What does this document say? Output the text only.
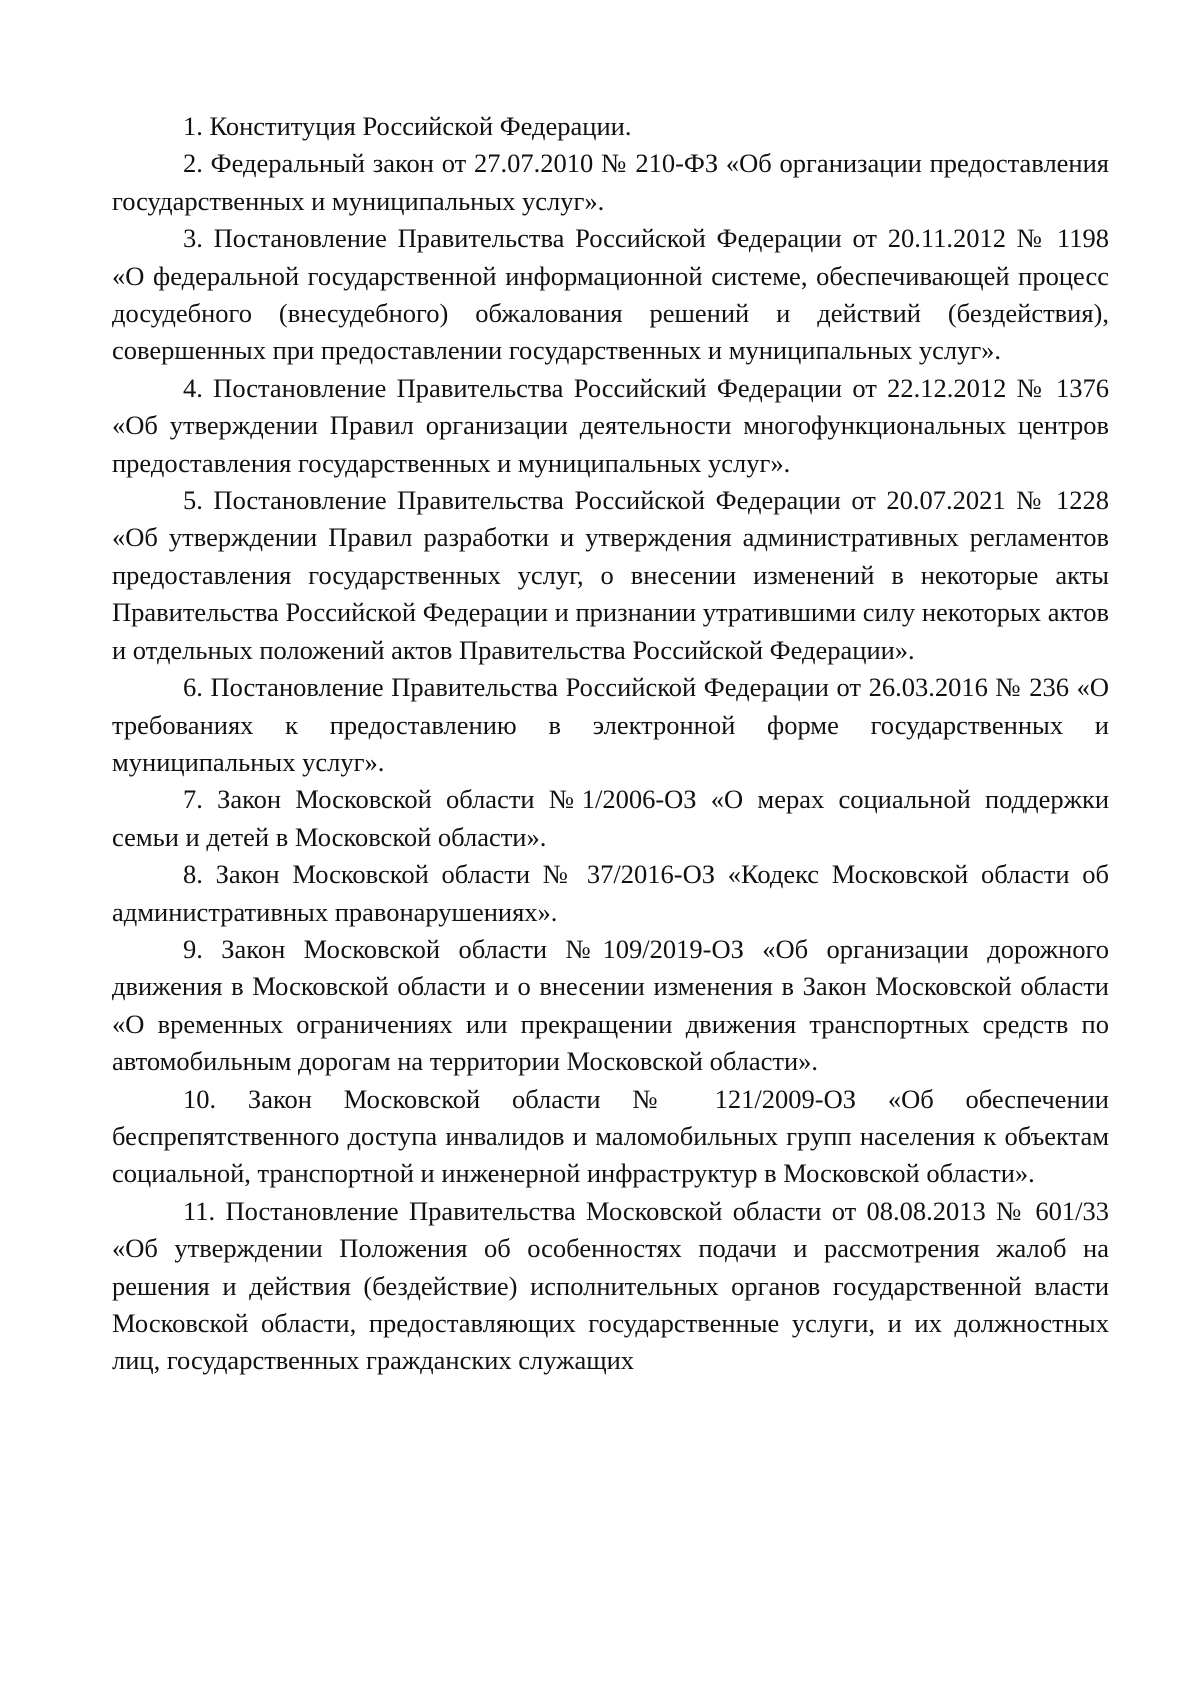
1. Конституция Российской Федерации.

2. Федеральный закон от 27.07.2010 № 210-ФЗ «Об организации предоставления государственных и муниципальных услуг».

3. Постановление Правительства Российской Федерации от 20.11.2012 № 1198 «О федеральной государственной информационной системе, обеспечивающей процесс досудебного (внесудебного) обжалования решений и действий (бездействия), совершенных при предоставлении государственных и муниципальных услуг».

4. Постановление Правительства Российский Федерации от 22.12.2012 № 1376 «Об утверждении Правил организации деятельности многофункциональных центров предоставления государственных и муниципальных услуг».

5. Постановление Правительства Российской Федерации от 20.07.2021 № 1228 «Об утверждении Правил разработки и утверждения административных регламентов предоставления государственных услуг, о внесении изменений в некоторые акты Правительства Российской Федерации и признании утратившими силу некоторых актов и отдельных положений актов Правительства Российской Федерации».

6. Постановление Правительства Российской Федерации от 26.03.2016 № 236 «О требованиях к предоставлению в электронной форме государственных и муниципальных услуг».

7. Закон Московской области №1/2006-ОЗ «О мерах социальной поддержки семьи и детей в Московской области».

8. Закон Московской области № 37/2016-ОЗ «Кодекс Московской области об административных правонарушениях».

9. Закон Московской области №109/2019-ОЗ «Об организации дорожного движения в Московской области и о внесении изменения в Закон Московской области «О временных ограничениях или прекращении движения транспортных средств по автомобильным дорогам на территории Московской области».

10. Закон Московской области № 121/2009-ОЗ «Об обеспечении беспрепятственного доступа инвалидов и маломобильных групп населения к объектам социальной, транспортной и инженерной инфраструктур в Московской области».

11. Постановление Правительства Московской области от 08.08.2013 № 601/33 «Об утверждении Положения об особенностях подачи и рассмотрения жалоб на решения и действия (бездействие) исполнительных органов государственной власти Московской области, предоставляющих государственные услуги, и их должностных лиц, государственных гражданских служащих
